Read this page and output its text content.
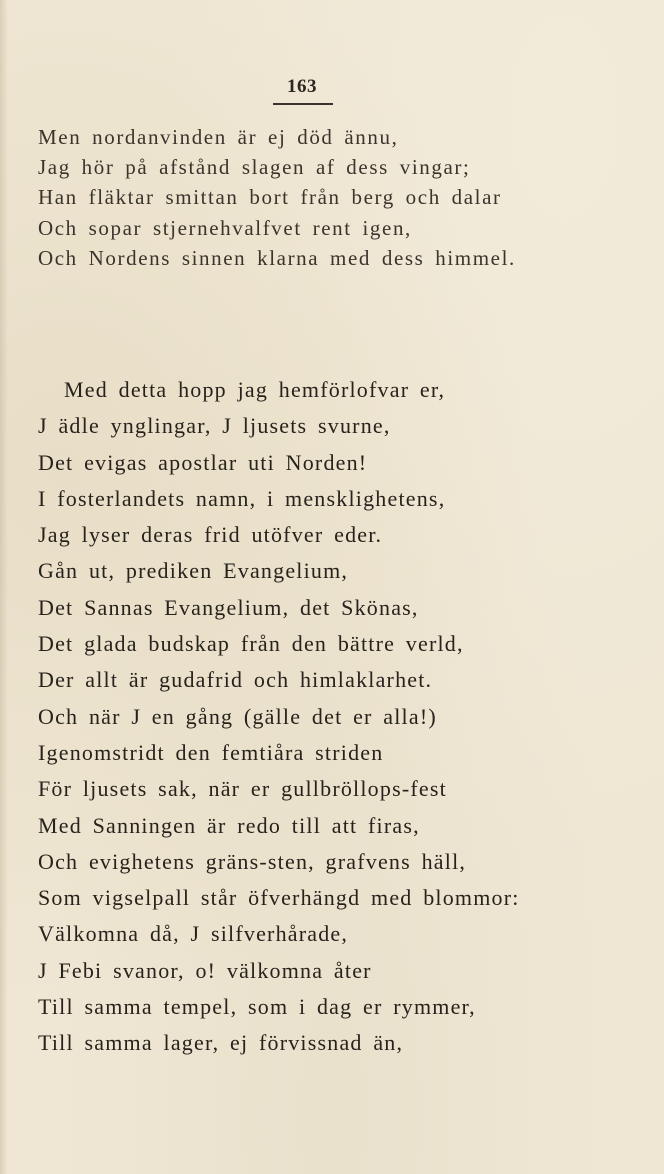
163
Men nordanvinden är ej död ännu,
Jag hör på afstånd slagen af dess vingar;
Han fläktar smittan bort från berg och dalar
Och sopar stjernehvalfvet rent igen,
Och Nordens sinnen klarna med dess himmel.
Med detta hopp jag hemförlofvar er,
J ädle ynglingar, J ljusets svurne,
Det evigas apostlar uti Norden!
I fosterlandets namn, i mensklighetens,
Jag lyser deras frid utöfver eder.
Gån ut, prediken Evangelium,
Det Sannas Evangelium, det Skönas,
Det glada budskap från den bättre verld,
Der allt är gudafrid och himlaklarhet.
Och när J en gång (gälle det er alla!)
Igenomstridt den femtiåra striden
För ljusets sak, när er gullbröllops-fest
Med Sanningen är redo till att firas,
Och evighetens gräns-sten, grafvens häll,
Som vigselpall står öfverhängd med blommor:
Välkomna då, J silfverhårade,
J Febi svanor, o! välkomna åter
Till samma tempel, som i dag er rymmer,
Till samma lager, ej förvissnad än,
